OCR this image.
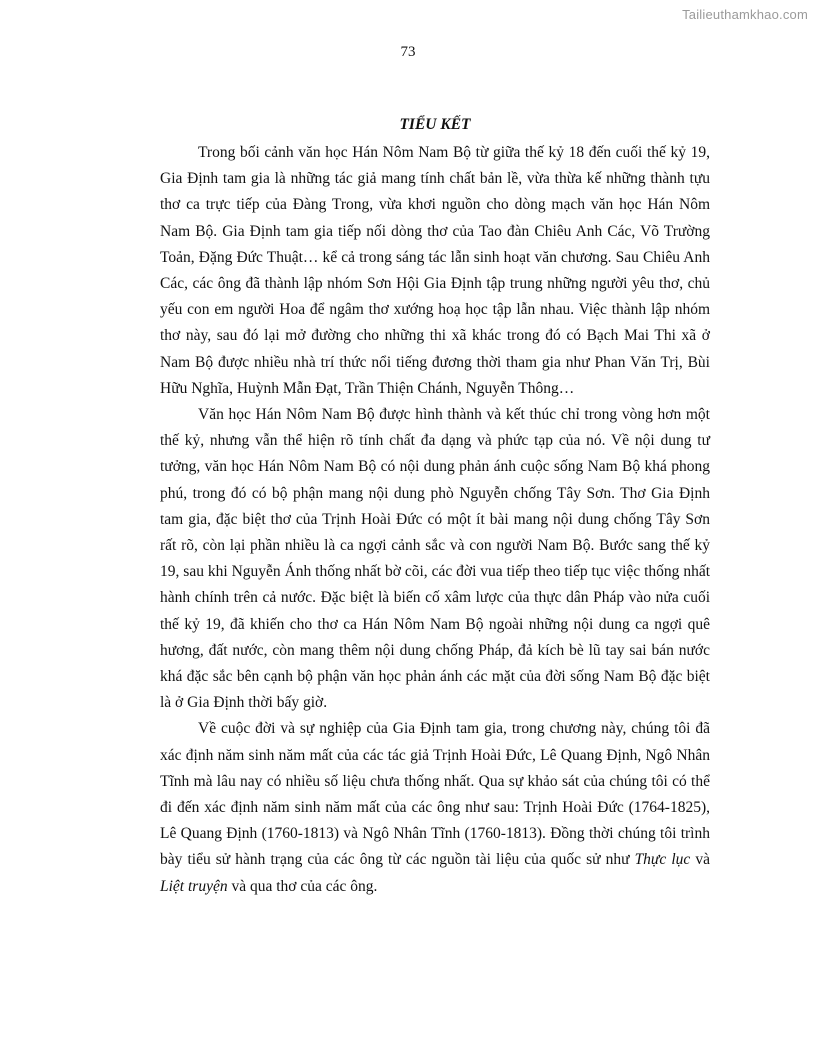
Tailieuthamkhao.com
73
TIỂU KẾT

Trong bối cảnh văn học Hán Nôm Nam Bộ từ giữa thế kỷ 18 đến cuối thế kỷ 19, Gia Định tam gia là những tác giả mang tính chất bản lề, vừa thừa kế những thành tựu thơ ca trực tiếp của Đàng Trong, vừa khơi nguồn cho dòng mạch văn học Hán Nôm Nam Bộ. Gia Định tam gia tiếp nối dòng thơ của Tao đàn Chiêu Anh Các, Võ Trường Toản, Đặng Đức Thuật… kể cả trong sáng tác lẫn sinh hoạt văn chương. Sau Chiêu Anh Các, các ông đã thành lập nhóm Sơn Hội Gia Định tập trung những người yêu thơ, chủ yếu con em người Hoa để ngâm thơ xướng hoạ học tập lẫn nhau. Việc thành lập nhóm thơ này, sau đó lại mở đường cho những thi xã khác trong đó có Bạch Mai Thi xã ở Nam Bộ được nhiều nhà trí thức nổi tiếng đương thời tham gia như Phan Văn Trị, Bùi Hữu Nghĩa, Huỳnh Mẫn Đạt, Trần Thiện Chánh, Nguyễn Thông…

Văn học Hán Nôm Nam Bộ được hình thành và kết thúc chỉ trong vòng hơn một thế kỷ, nhưng vẫn thể hiện rõ tính chất đa dạng và phức tạp của nó. Về nội dung tư tưởng, văn học Hán Nôm Nam Bộ có nội dung phản ánh cuộc sống Nam Bộ khá phong phú, trong đó có bộ phận mang nội dung phò Nguyễn chống Tây Sơn. Thơ Gia Định tam gia, đặc biệt thơ của Trịnh Hoài Đức có một ít bài mang nội dung chống Tây Sơn rất rõ, còn lại phần nhiều là ca ngợi cảnh sắc và con người Nam Bộ. Bước sang thế kỷ 19, sau khi Nguyễn Ánh thống nhất bờ cõi, các đời vua tiếp theo tiếp tục việc thống nhất hành chính trên cả nước. Đặc biệt là biến cố xâm lược của thực dân Pháp vào nửa cuối thế kỷ 19, đã khiến cho thơ ca Hán Nôm Nam Bộ ngoài những nội dung ca ngợi quê hương, đất nước, còn mang thêm nội dung chống Pháp, đả kích bè lũ tay sai bán nước khá đặc sắc bên cạnh bộ phận văn học phản ánh các mặt của đời sống Nam Bộ đặc biệt là ở Gia Định thời bấy giờ.

Về cuộc đời và sự nghiệp của Gia Định tam gia, trong chương này, chúng tôi đã xác định năm sinh năm mất của các tác giả Trịnh Hoài Đức, Lê Quang Định, Ngô Nhân Tĩnh mà lâu nay có nhiều số liệu chưa thống nhất. Qua sự khảo sát của chúng tôi có thể đi đến xác định năm sinh năm mất của các ông như sau: Trịnh Hoài Đức (1764-1825), Lê Quang Định (1760-1813) và Ngô Nhân Tĩnh (1760-1813). Đồng thời chúng tôi trình bày tiểu sử hành trạng của các ông từ các nguồn tài liệu của quốc sử như Thực lục và Liệt truyện và qua thơ của các ông.
